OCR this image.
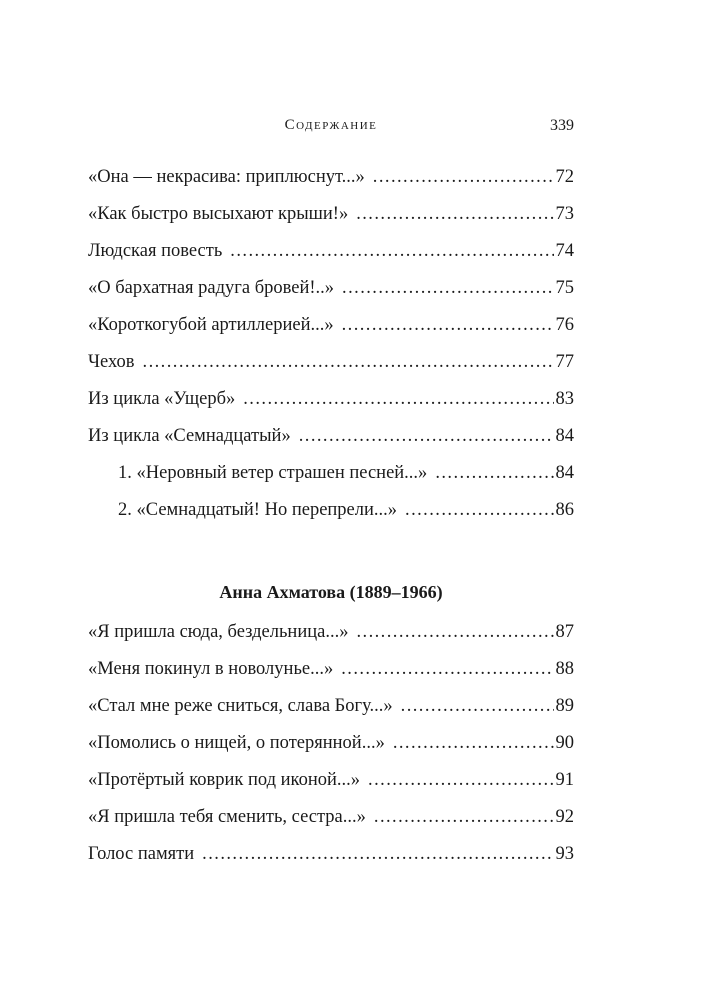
Содержание	339
«Она — некрасива: приплюснут...» . . .	72
«Как быстро высыхают крыши!» . . .	73
Людская повесть . . .	74
«О бархатная радуга бровей!..» . . .	75
«Короткогубой артиллерией...» . . .	76
Чехов . . .	77
Из цикла «Ущерб» . . .	83
Из цикла «Семнадцатый» . . .	84
1. «Неровный ветер страшен песней...» . . .	84
2. «Семнадцатый! Но перепрели...» . . .	86
Анна Ахматова (1889–1966)
«Я пришла сюда, бездельница...» . . .	87
«Меня покинул в новолунье...» . . .	88
«Стал мне реже сниться, слава Богу...» . . .	89
«Помолись о нищей, о потерянной...» . . .	90
«Протёртый коврик под иконой...» . . .	91
«Я пришла тебя сменить, сестра...» . . .	92
Голос памяти . . .	93
